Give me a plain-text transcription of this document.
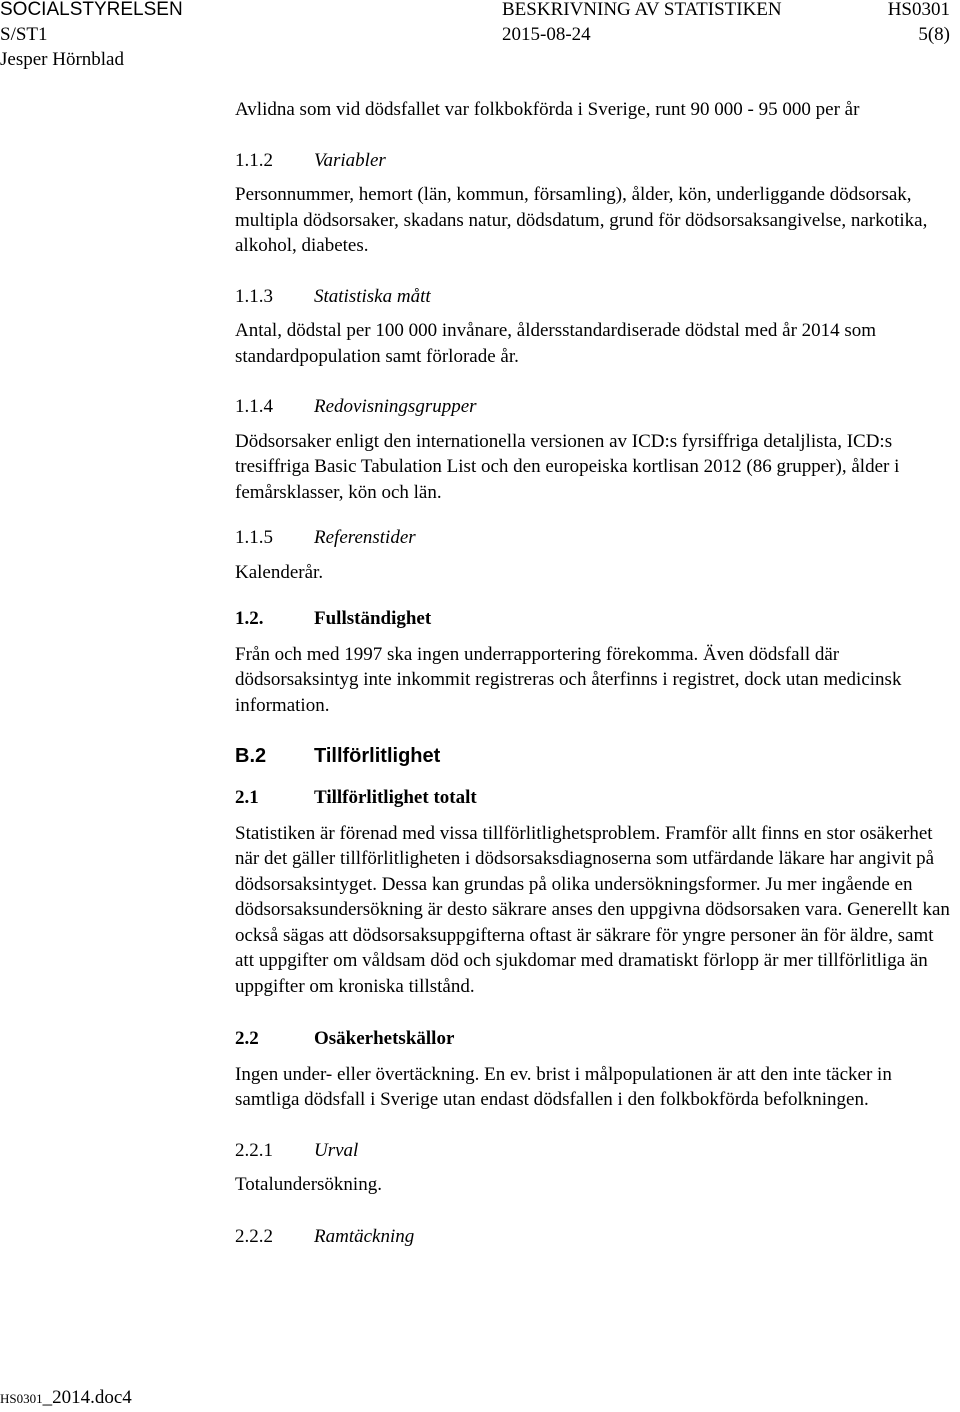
SOCIALSTYRELSEN	BESKRIVNING AV STATISTIKEN	HS0301
S/ST1	2015-08-24	5(8)
Jesper Hörnblad

Avlidna som vid dödsfallet var folkbokförda i Sverige, runt 90 000 - 95 000 per år

1.1.2	Variabler

Personnummer, hemort (län, kommun, församling), ålder, kön, underliggande dödsorsak, multipla dödsorsaker, skadans natur, dödsdatum, grund för dödsorsaksangivelse, narkotika, alkohol, diabetes.

1.1.3	Statistiska mått

Antal, dödstal per 100 000 invånare, åldersstandardiserade dödstal med år 2014 som standardpopulation samt förlorade år.

1.1.4	Redovisningsgrupper

Dödsorsaker enligt den internationella versionen av ICD:s fyrsiffriga detaljlista, ICD:s tresiffriga Basic Tabulation List och den europeiska kortlisan 2012 (86 grupper), ålder i femårsklasser, kön och län.

1.1.5	Referenstider

Kalenderår.

1.2.	Fullständighet

Från och med 1997 ska ingen underrapportering förekomma. Även dödsfall där dödsorsaksintyg inte inkommit registreras och återfinns i registret, dock utan medicinsk information.

B.2	Tillförlitlighet
2.1	Tillförlitlighet totalt

Statistiken är förenad med vissa tillförlitlighetsproblem. Framför allt finns en stor osäkerhet när det gäller tillförlitligheten i dödsorsaksdiagnoserna som utfärdande läkare har angivit på dödsorsaksintyget. Dessa kan grundas på olika undersökningsformer. Ju mer ingående en dödsorsaksundersökning är desto säkrare anses den uppgivna dödsorsaken vara. Generellt kan också sägas att dödsorsaksuppgifterna oftast är säkrare för yngre personer än för äldre, samt att uppgifter om våldsam död och sjukdomar med dramatiskt förlopp är mer tillförlitliga än uppgifter om kroniska tillstånd.

2.2	Osäkerhetskällor

Ingen under- eller övertäckning. En ev. brist i målpopulationen är att den inte täcker in samtliga dödsfall i Sverige utan endast dödsfallen i den folkbokförda befolkningen.

2.2.1	Urval

Totalundersökning.

2.2.2	Ramtäckning
HS0301_2014.doc4
